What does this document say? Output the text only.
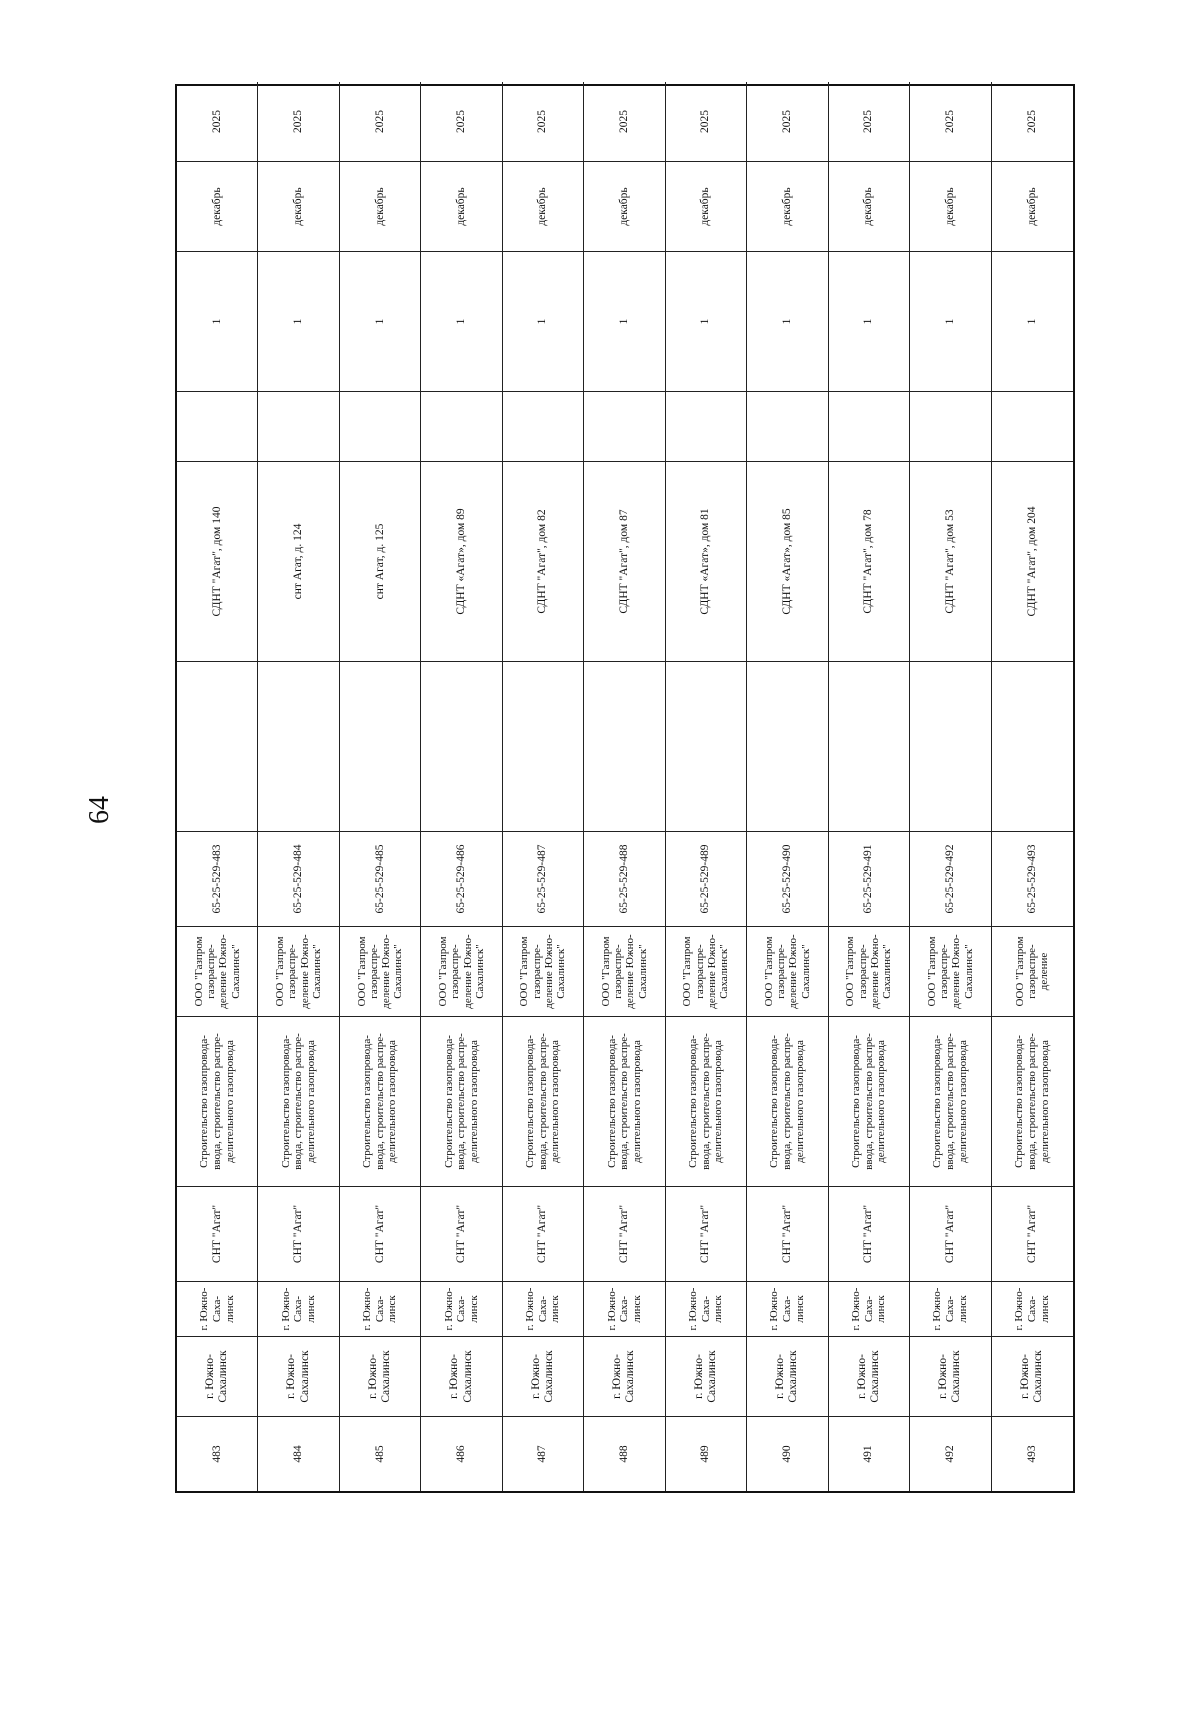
64
483
г. Южно-Сахалинск
г. Южно-Саха-линск
СНТ "Агат"
Строительство газопровода-ввода, строительство распре-делительного газопровода
ООО "Газпром газораспре-деление Южно-Сахалинск"
65-25-529-483
СДНТ "Агат", дом 140
1
декабрь
2025
484
г. Южно-Сахалинск
г. Южно-Саха-линск
СНТ "Агат"
Строительство газопровода-ввода, строительство распре-делительного газопровода
ООО "Газпром газораспре-деление Южно-Сахалинск"
65-25-529-484
снт Агат, д. 124
1
декабрь
2025
485
г. Южно-Сахалинск
г. Южно-Саха-линск
СНТ "Агат"
Строительство газопровода-ввода, строительство распре-делительного газопровода
ООО "Газпром газораспре-деление Южно-Сахалинск"
65-25-529-485
снт Агат, д. 125
1
декабрь
2025
486
г. Южно-Сахалинск
г. Южно-Саха-линск
СНТ "Агат"
Строительство газопровода-ввода, строительство распре-делительного газопровода
ООО "Газпром газораспре-деление Южно-Сахалинск"
65-25-529-486
СДНТ «Агат», дом 89
1
декабрь
2025
487
г. Южно-Сахалинск
г. Южно-Саха-линск
СНТ "Агат"
Строительство газопровода-ввода, строительство распре-делительного газопровода
ООО "Газпром газораспре-деление Южно-Сахалинск"
65-25-529-487
СДНТ "Агат", дом 82
1
декабрь
2025
488
г. Южно-Сахалинск
г. Южно-Саха-линск
СНТ "Агат"
Строительство газопровода-ввода, строительство распре-делительного газопровода
ООО "Газпром газораспре-деление Южно-Сахалинск"
65-25-529-488
СДНТ "Агат", дом 87
1
декабрь
2025
489
г. Южно-Сахалинск
г. Южно-Саха-линск
СНТ "Агат"
Строительство газопровода-ввода, строительство распре-делительного газопровода
ООО "Газпром газораспре-деление Южно-Сахалинск"
65-25-529-489
СДНТ «Агат», дом 81
1
декабрь
2025
490
г. Южно-Сахалинск
г. Южно-Саха-линск
СНТ "Агат"
Строительство газопровода-ввода, строительство распре-делительного газопровода
ООО "Газпром газораспре-деление Южно-Сахалинск"
65-25-529-490
СДНТ «Агат», дом 85
1
декабрь
2025
491
г. Южно-Сахалинск
г. Южно-Саха-линск
СНТ "Агат"
Строительство газопровода-ввода, строительство распре-делительного газопровода
ООО "Газпром газораспре-деление Южно-Сахалинск"
65-25-529-491
СДНТ "Агат", дом 78
1
декабрь
2025
492
г. Южно-Сахалинск
г. Южно-Саха-линск
СНТ "Агат"
Строительство газопровода-ввода, строительство распре-делительного газопровода
ООО "Газпром газораспре-деление Южно-Сахалинск"
65-25-529-492
СДНТ "Агат", дом 53
1
декабрь
2025
493
г. Южно-Сахалинск
г. Южно-Саха-линск
СНТ "Агат"
Строительство газопровода-ввода, строительство распре-делительного газопровода
ООО "Газпром газораспре-деление
65-25-529-493
СДНТ "Агат", дом 204
1
декабрь
2025
